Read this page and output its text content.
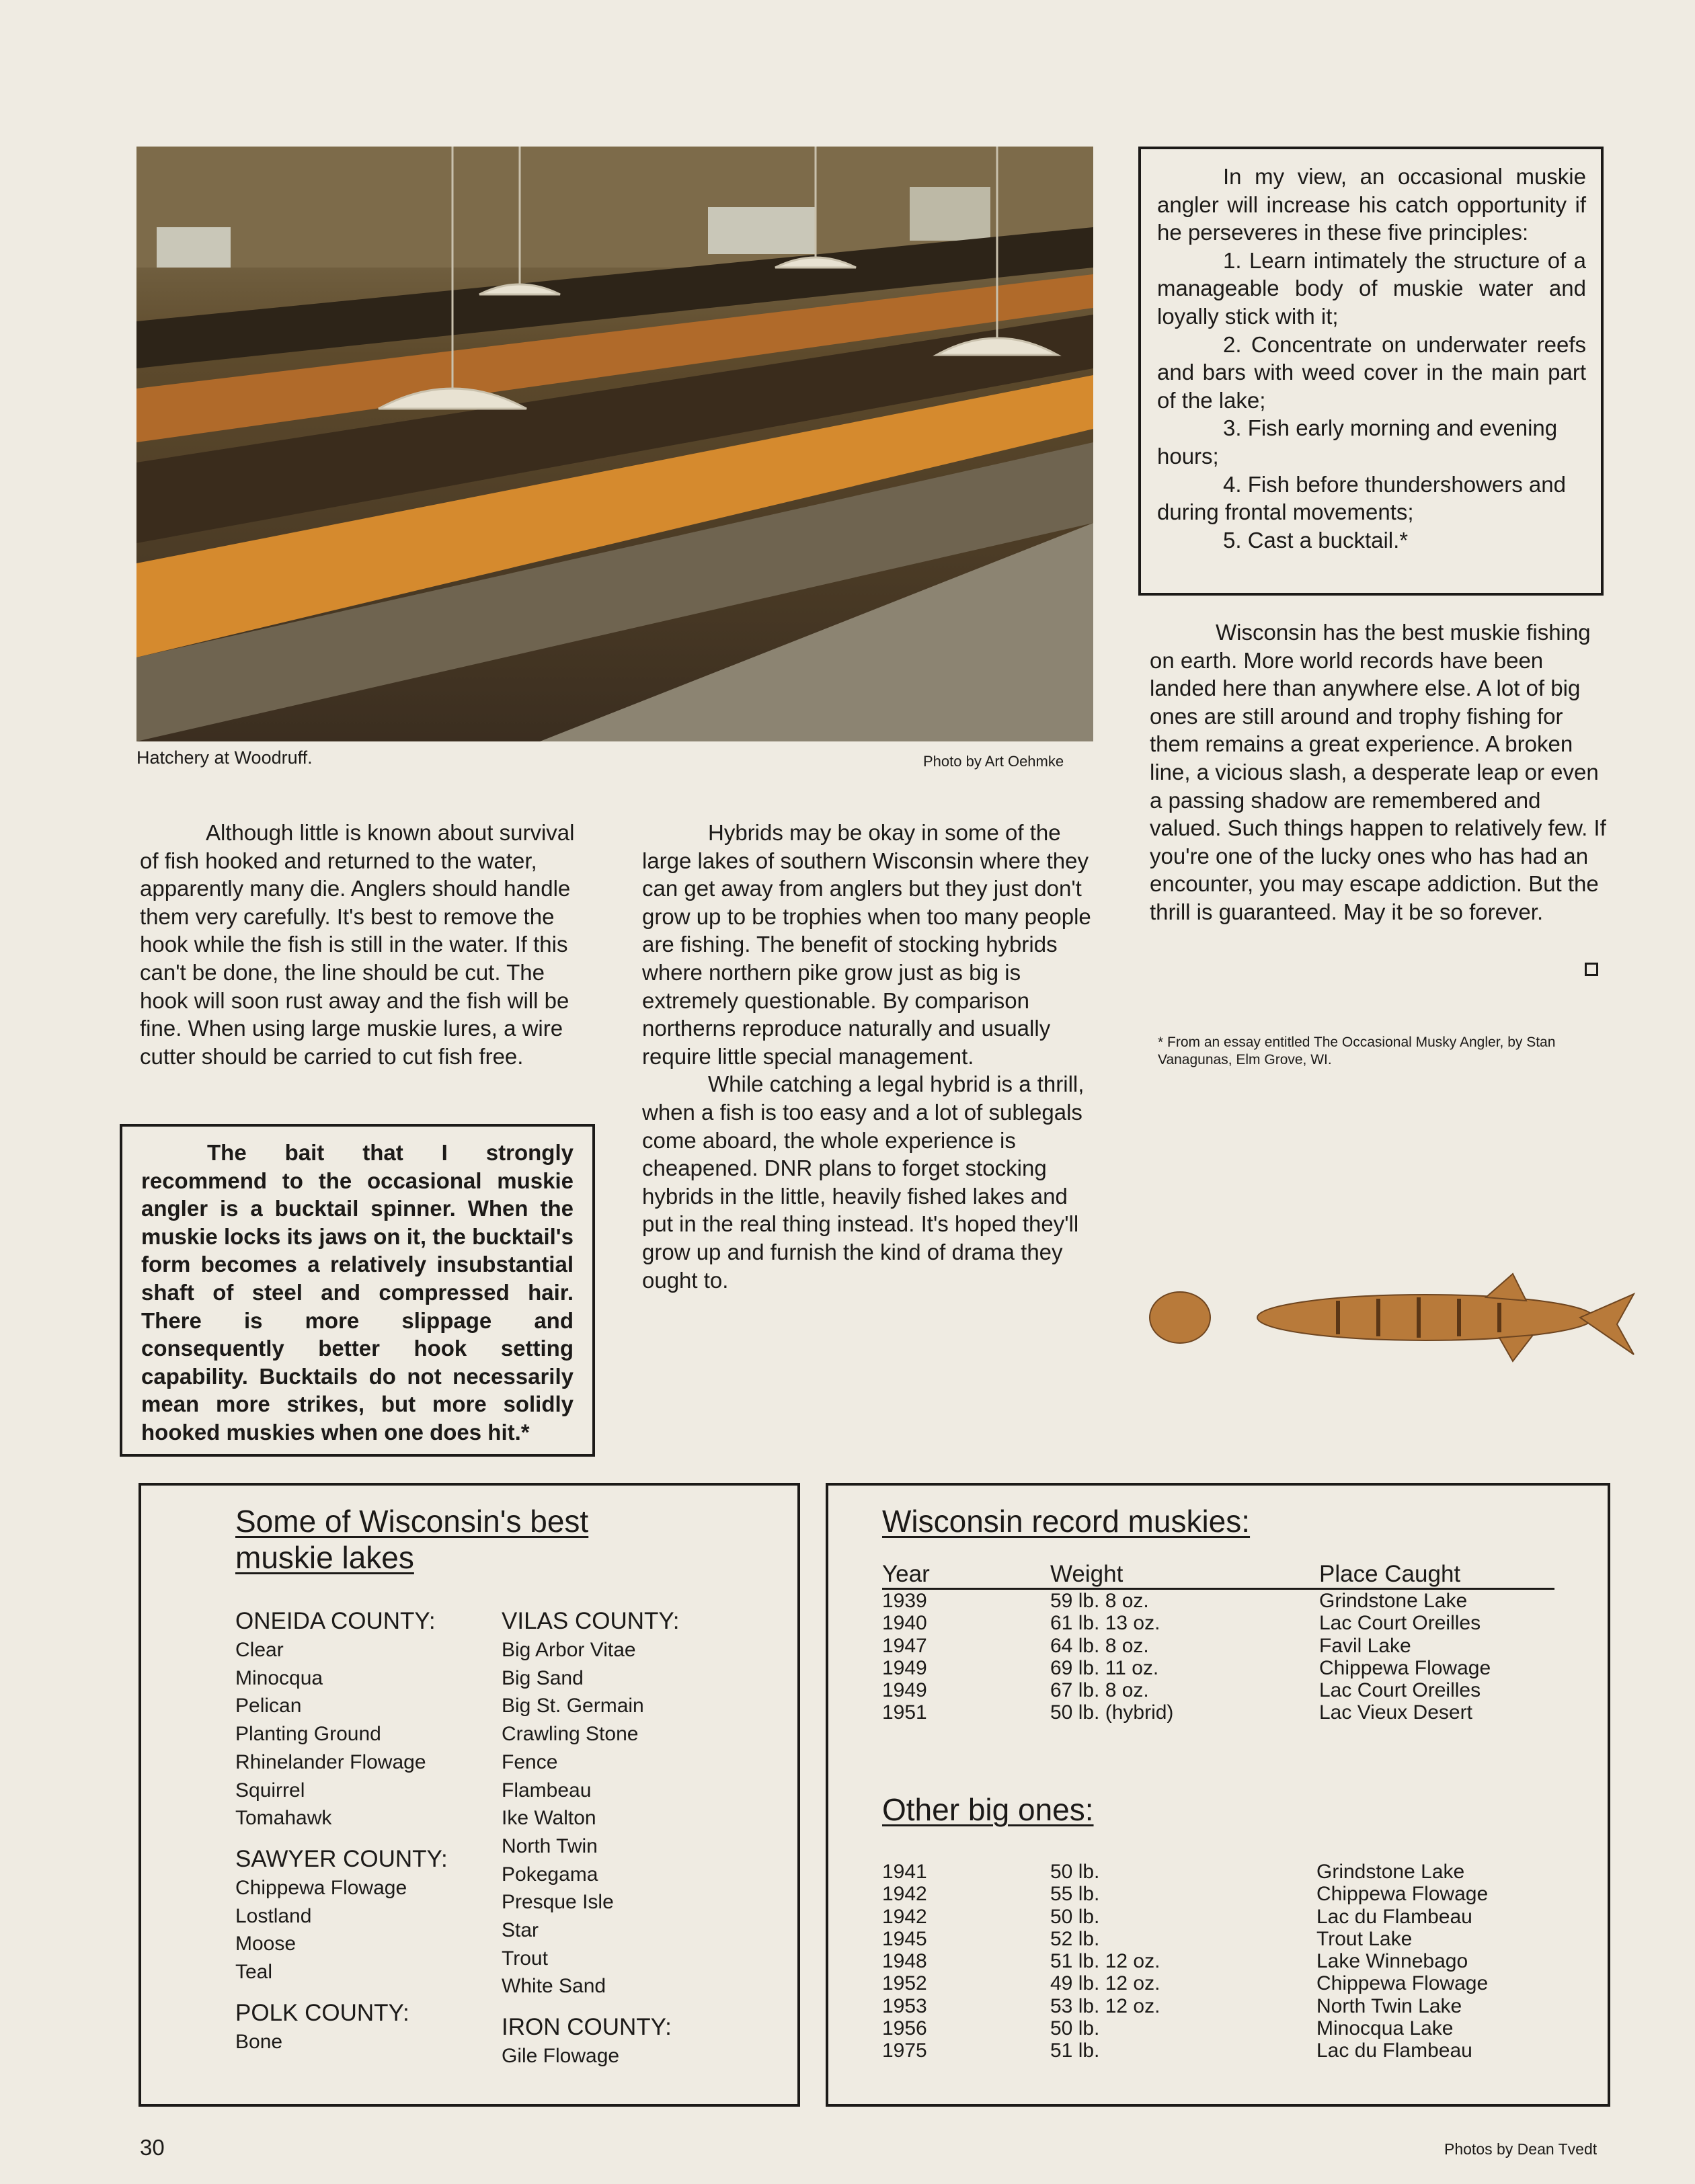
Hatchery at Woodruff.	Photo by Art Oehmke

In my view, an occasional muskie angler will increase his catch opportunity if he perseveres in these five principles:

1. Learn intimately the structure of a manageable body of muskie water and loyally stick with it;

2. Concentrate on underwater reefs and bars with weed cover in the main part of the lake;

3. Fish early morning and evening hours;

4. Fish before thundershowers and during frontal movements;

5. Cast a bucktail.*

Wisconsin has the best muskie fishing on earth. More world records have been landed here than anywhere else. A lot of big ones are still around and trophy fishing for them remains a great experience. A broken line, a vicious slash, a desperate leap or even a passing shadow are remembered and valued. Such things happen to relatively few. If you're one of the lucky ones who has had an encounter, you may escape addiction. But the thrill is guaranteed. May it be so forever.

* From an essay entitled The Occasional Musky Angler, by Stan Vanagunas, Elm Grove, WI.

Although little is known about survival of fish hooked and returned to the water, apparently many die. Anglers should handle them very carefully. It's best to remove the hook while the fish is still in the water. If this can't be done, the line should be cut. The hook will soon rust away and the fish will be fine. When using large muskie lures, a wire cutter should be carried to cut fish free.

The bait that I strongly recommend to the occasional muskie angler is a bucktail spinner. When the muskie locks its jaws on it, the bucktail's form becomes a relatively insubstantial shaft of steel and compressed hair. There is more slippage and consequently better hook setting capability. Bucktails do not necessarily mean more strikes, but more solidly hooked muskies when one does hit.*

Hybrids may be okay in some of the large lakes of southern Wisconsin where they can get away from anglers but they just don't grow up to be trophies when too many people are fishing. The benefit of stocking hybrids where northern pike grow just as big is extremely questionable. By comparison northerns reproduce naturally and usually require little special management.

While catching a legal hybrid is a thrill, when a fish is too easy and a lot of sublegals come aboard, the whole experience is cheapened. DNR plans to forget stocking hybrids in the little, heavily fished lakes and put in the real thing instead. It's hoped they'll grow up and furnish the kind of drama they ought to.

Some of Wisconsin's best muskie lakes
ONEIDA COUNTY:
Clear
Minocqua
Pelican
Planting Ground
Rhinelander Flowage
Squirrel
Tomahawk
SAWYER COUNTY:
Chippewa Flowage
Lostland
Moose
Teal
POLK COUNTY:
Bone
VILAS COUNTY:
Big Arbor Vitae
Big Sand
Big St. Germain
Crawling Stone
Fence
Flambeau
Ike Walton
North Twin
Pokegama
Presque Isle
Star
Trout
White Sand
IRON COUNTY:
Gile Flowage
Wisconsin record muskies:
Year	Weight	Place Caught
1939	59 lb. 8 oz.	Grindstone Lake
1940	61 lb. 13 oz.	Lac Court Oreilles
1947	64 lb. 8 oz.	Favil Lake
1949	69 lb. 11 oz.	Chippewa Flowage
1949	67 lb. 8 oz.	Lac Court Oreilles
1951	50 lb. (hybrid)	Lac Vieux Desert
Other big ones:
1941	50 lb.	Grindstone Lake
1942	55 lb.	Chippewa Flowage
1942	50 lb.	Lac du Flambeau
1945	52 lb.	Trout Lake
1948	51 lb. 12 oz.	Lake Winnebago
1952	49 lb. 12 oz.	Chippewa Flowage
1953	53 lb. 12 oz.	North Twin Lake
1956	50 lb.	Minocqua Lake
1975	51 lb.	Lac du Flambeau
30	Photos by Dean Tvedt
